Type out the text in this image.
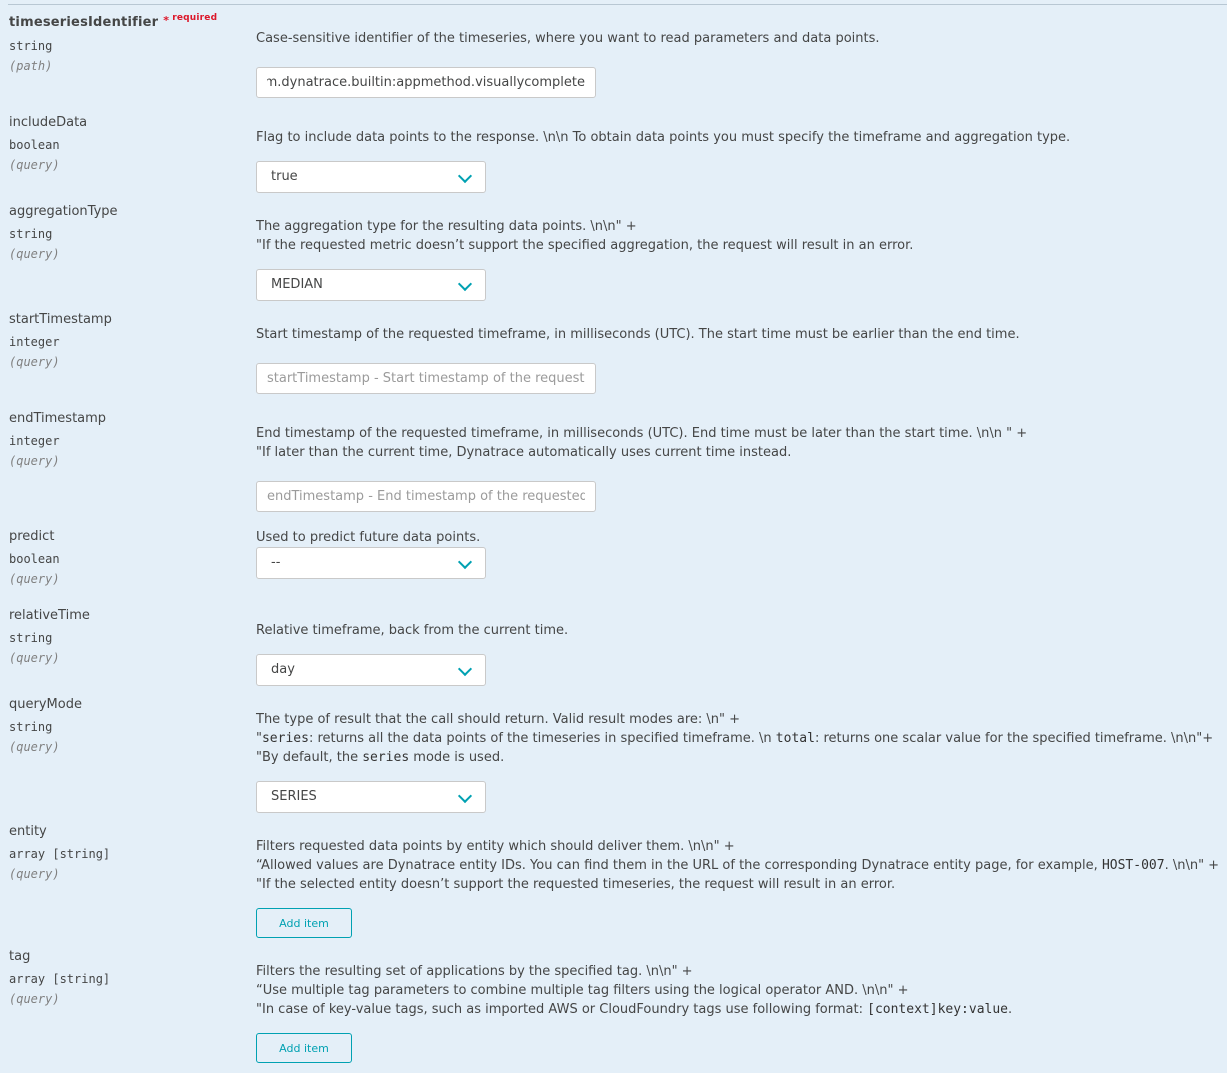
timeseriesIdentifier * $^{required}$
string
(path)
Case-sensitive identifier of the timeseries, where you want to read parameters and data points.
com.dynatrace.builtin:appmethod.visuallycomplete
includeData
boolean
(query)
Flag to include data points to the response. \n\n To obtain data points you must specify the timeframe and aggregation type.
true
aggregationType
string
(query)
The aggregation type for the resulting data points. \n\n" +
"If the requested metric doesn’t support the specified aggregation, the request will result in an error.
MEDIAN
startTimestamp
integer
(query)
Start timestamp of the requested timeframe, in milliseconds (UTC). The start time must be earlier than the end time.
startTimestamp - Start timestamp of the requested timeframe, in milliseconds (UTC).
endTimestamp
integer
(query)
End timestamp of the requested timeframe, in milliseconds (UTC). End time must be later than the start time. \n\n " +
"If later than the current time, Dynatrace automatically uses current time instead.
endTimestamp - End timestamp of the requested timeframe, in milliseconds (UTC).
predict
boolean
(query)
Used to predict future data points.
--
relativeTime
string
(query)
Relative timeframe, back from the current time.
day
queryMode
string
(query)
The type of result that the call should return. Valid result modes are: \n" +
"series: returns all the data points of the timeseries in specified timeframe. \n total: returns one scalar value for the specified timeframe. \n\n"+
"By default, the series mode is used.
SERIES
entity
array [string]
(query)
Filters requested data points by entity which should deliver them. \n\n" +
“Allowed values are Dynatrace entity IDs. You can find them in the URL of the corresponding Dynatrace entity page, for example, HOST-007. \n\n" +
"If the selected entity doesn’t support the requested timeseries, the request will result in an error.
Add item
tag
array [string]
(query)
Filters the resulting set of applications by the specified tag. \n\n" +
“Use multiple tag parameters to combine multiple tag filters using the logical operator AND. \n\n" +
"In case of key-value tags, such as imported AWS or CloudFoundry tags use following format: [context]key:value.
Add item
